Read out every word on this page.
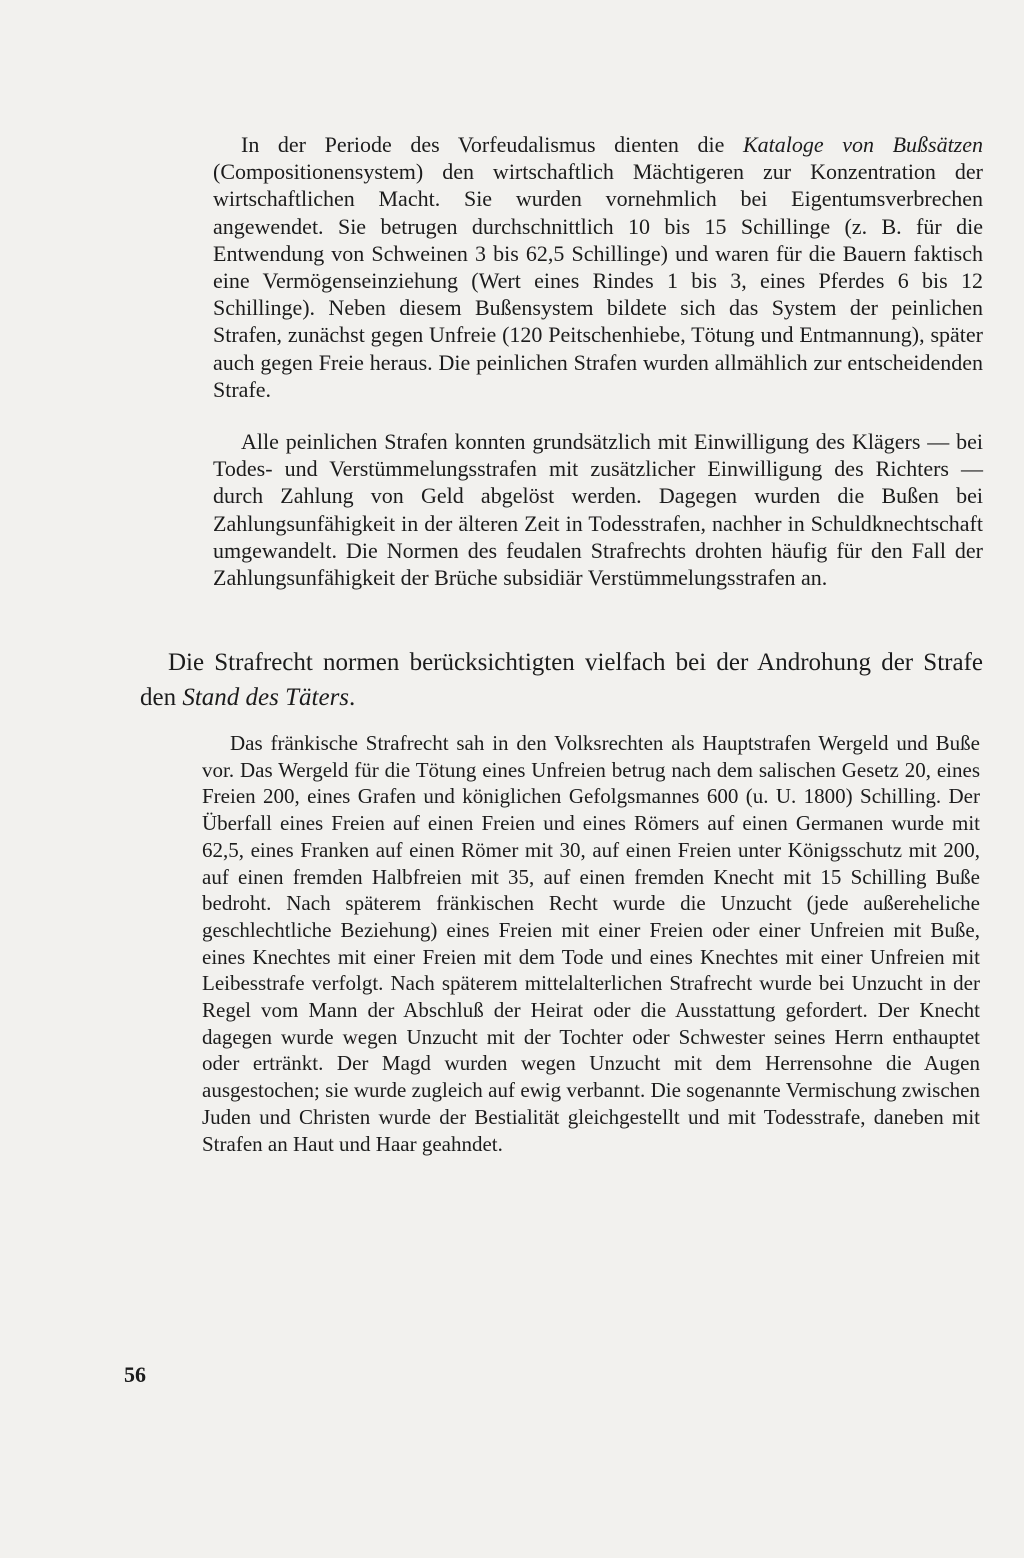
In der Periode des Vorfeudalismus dienten die Kataloge von Bußsätzen (Compositionensystem) den wirtschaftlich Mächtigeren zur Konzentration der wirtschaftlichen Macht. Sie wurden vornehmlich bei Eigentumsverbrechen angewendet. Sie betrugen durchschnittlich 10 bis 15 Schillinge (z. B. für die Entwendung von Schweinen 3 bis 62,5 Schillinge) und waren für die Bauern faktisch eine Vermögenseinziehung (Wert eines Rindes 1 bis 3, eines Pferdes 6 bis 12 Schillinge). Neben diesem Bußensystem bildete sich das System der peinlichen Strafen, zunächst gegen Unfreie (120 Peitschenhiebe, Tötung und Entmannung), später auch gegen Freie heraus. Die peinlichen Strafen wurden allmählich zur entscheidenden Strafe.

Alle peinlichen Strafen konnten grundsätzlich mit Einwilligung des Klägers — bei Todes- und Verstümmelungsstrafen mit zusätzlicher Einwilligung des Richters — durch Zahlung von Geld abgelöst werden. Dagegen wurden die Bußen bei Zahlungsunfähigkeit in der älteren Zeit in Todesstrafen, nachher in Schuldknechtschaft umgewandelt. Die Normen des feudalen Strafrechts drohten häufig für den Fall der Zahlungsunfähigkeit der Brüche subsidiär Verstümmelungsstrafen an.

Die Strafrecht normen berücksichtigten vielfach bei der Androhung der Strafe den Stand des Täters.

Das fränkische Strafrecht sah in den Volksrechten als Hauptstrafen Wergeld und Buße vor. Das Wergeld für die Tötung eines Unfreien betrug nach dem salischen Gesetz 20, eines Freien 200, eines Grafen und königlichen Gefolgsmannes 600 (u. U. 1800) Schilling. Der Überfall eines Freien auf einen Freien und eines Römers auf einen Germanen wurde mit 62,5, eines Franken auf einen Römer mit 30, auf einen Freien unter Königsschutz mit 200, auf einen fremden Halbfreien mit 35, auf einen fremden Knecht mit 15 Schilling Buße bedroht. Nach späterem fränkischen Recht wurde die Unzucht (jede außereheliche geschlechtliche Beziehung) eines Freien mit einer Freien oder einer Unfreien mit Buße, eines Knechtes mit einer Freien mit dem Tode und eines Knechtes mit einer Unfreien mit Leibesstrafe verfolgt. Nach späterem mittelalterlichen Strafrecht wurde bei Unzucht in der Regel vom Mann der Abschluß der Heirat oder die Ausstattung gefordert. Der Knecht dagegen wurde wegen Unzucht mit der Tochter oder Schwester seines Herrn enthauptet oder ertränkt. Der Magd wurden wegen Unzucht mit dem Herrensohne die Augen ausgestochen; sie wurde zugleich auf ewig verbannt. Die sogenannte Vermischung zwischen Juden und Christen wurde der Bestialität gleichgestellt und mit Todesstrafe, daneben mit Strafen an Haut und Haar geahndet.

56
